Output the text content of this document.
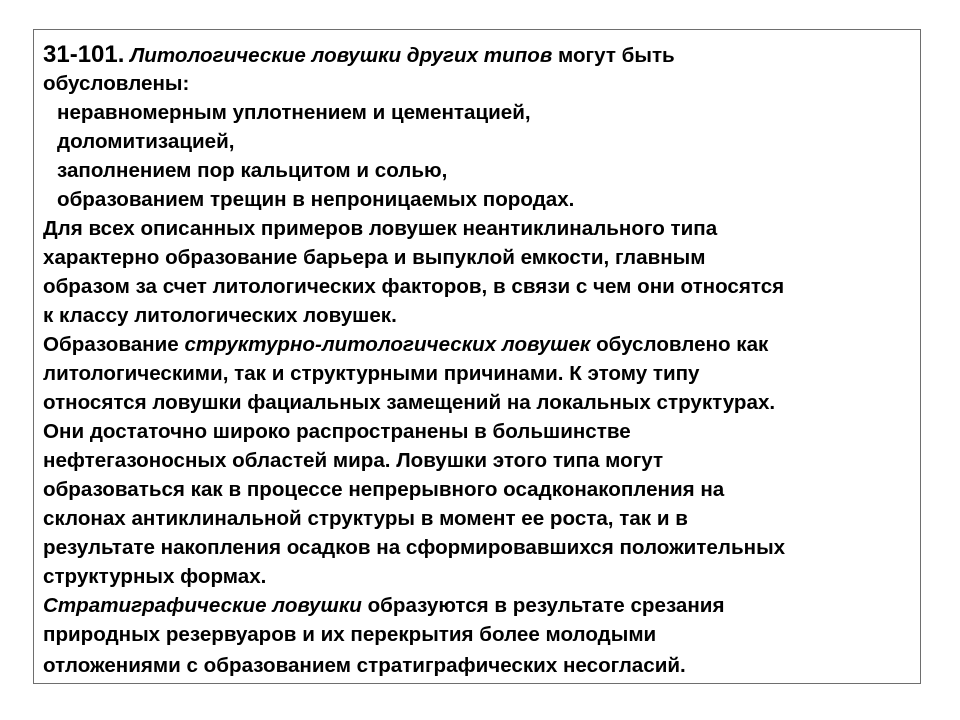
31-101. Литологические ловушки других типов могут быть
обусловлены:
неравномерным уплотнением и цементацией,
доломитизацией,
заполнением пор кальцитом и солью,
образованием трещин в непроницаемых породах.
Для всех описанных примеров ловушек неантиклинального типа
характерно образование барьера и выпуклой емкости, главным
образом за счет литологических факторов, в связи с чем они относятся
к классу литологических ловушек.
Образование структурно-литологических ловушек обусловлено как
литологическими, так и структурными причинами. К этому типу
относятся ловушки фациальных замещений на локальных структурах.
Они достаточно широко распространены в большинстве
нефтегазоносных областей мира. Ловушки этого типа могут
образоваться как в процессе непрерывного осадконакопления на
склонах антиклинальной структуры в момент ее роста, так и в
результате накопления осадков на сформировавшихся положительных
структурных формах.
Стратиграфические ловушки образуются в результате срезания
природных резервуаров и их перекрытия более молодыми
отложениями с образованием стратиграфических несогласий.
